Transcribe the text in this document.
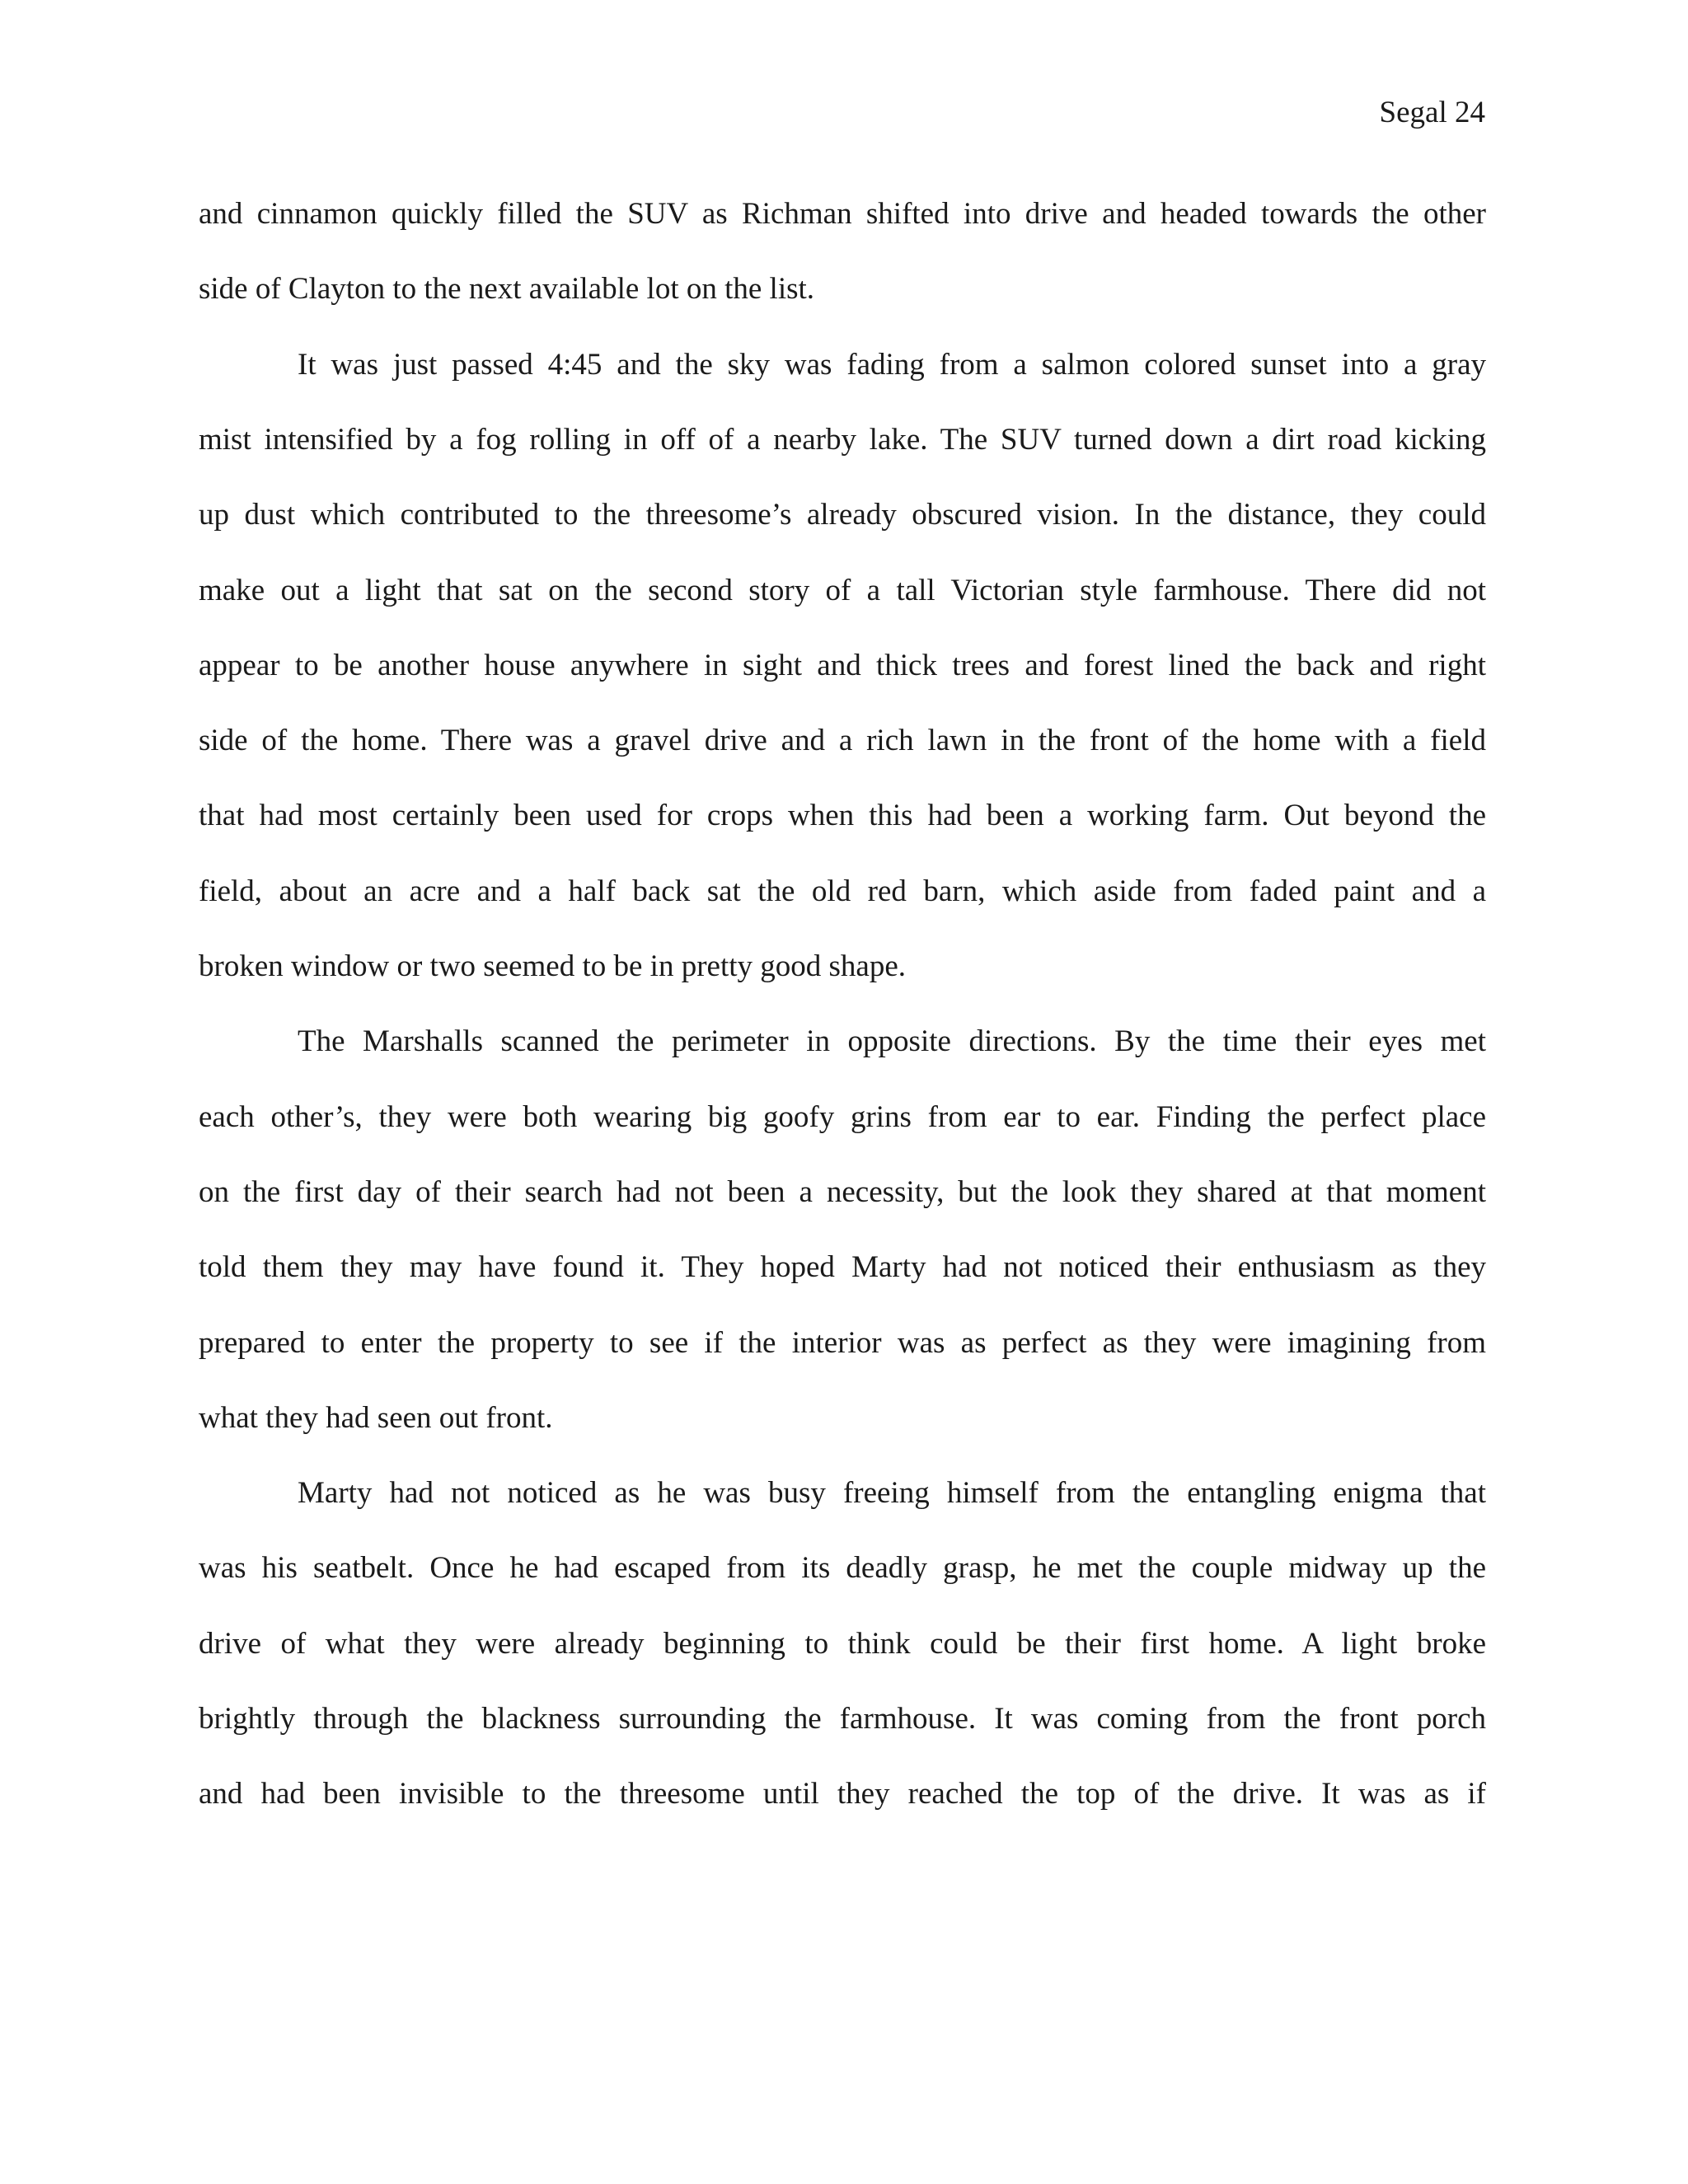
Segal 24
and cinnamon quickly filled the SUV as Richman shifted into drive and headed towards the other
side of Clayton to the next available lot on the list.
It was just passed 4:45 and the sky was fading from a salmon colored sunset into a gray
mist intensified by a fog rolling in off of a nearby lake. The SUV turned down a dirt road kicking
up dust which contributed to the threesome’s already obscured vision. In the distance, they could
make out a light that sat on the second story of a tall Victorian style farmhouse. There did not
appear to be another house anywhere in sight and thick trees and forest lined the back and right
side of the home. There was a gravel drive and a rich lawn in the front of the home with a field
that had most certainly been used for crops when this had been a working farm. Out beyond the
field, about an acre and a half back sat the old red barn, which aside from faded paint and a
broken window or two seemed to be in pretty good shape.
The Marshalls scanned the perimeter in opposite directions. By the time their eyes met
each other’s, they were both wearing big goofy grins from ear to ear. Finding the perfect place
on the first day of their search had not been a necessity, but the look they shared at that moment
told them they may have found it. They hoped Marty had not noticed their enthusiasm as they
prepared to enter the property to see if the interior was as perfect as they were imagining from
what they had seen out front.
Marty had not noticed as he was busy freeing himself from the entangling enigma that
was his seatbelt. Once he had escaped from its deadly grasp, he met the couple midway up the
drive of what they were already beginning to think could be their first home. A light broke
brightly through the blackness surrounding the farmhouse. It was coming from the front porch
and had been invisible to the threesome until they reached the top of the drive. It was as if
